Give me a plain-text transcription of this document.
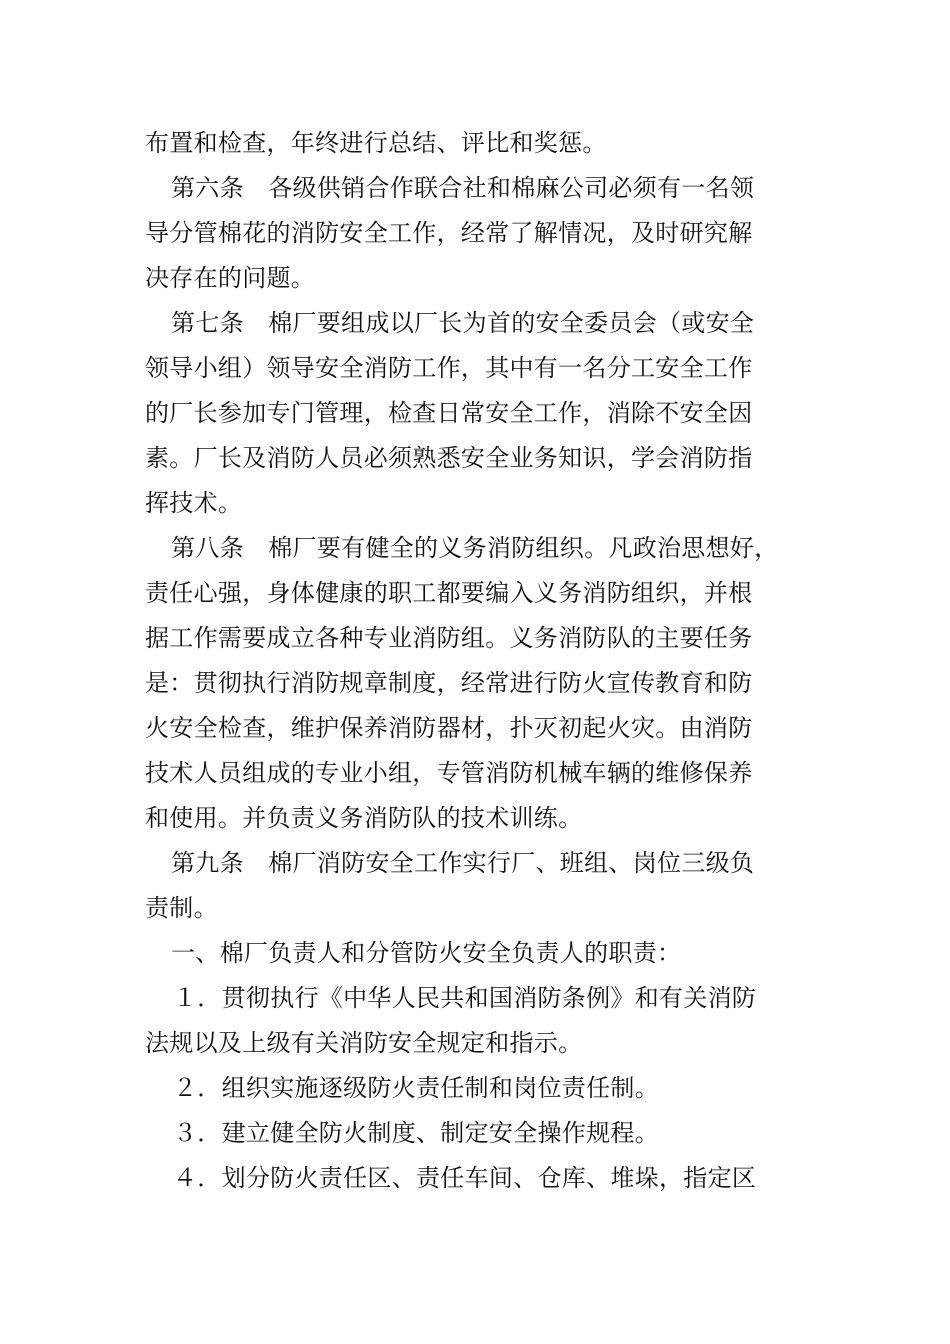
布置和检查，年终进行总结、评比和奖惩。
第六条　各级供销合作联合社和棉麻公司必须有一名领
导分管棉花的消防安全工作，经常了解情况，及时研究解
决存在的问题。
第七条　棉厂要组成以厂长为首的安全委员会（或安全
领导小组）领导安全消防工作，其中有一名分工安全工作
的厂长参加专门管理，检查日常安全工作，消除不安全因
素。厂长及消防人员必须熟悉安全业务知识，学会消防指
挥技术。
第八条　棉厂要有健全的义务消防组织。凡政治思想好，
责任心强，身体健康的职工都要编入义务消防组织，并根
据工作需要成立各种专业消防组。义务消防队的主要任务
是：贯彻执行消防规章制度，经常进行防火宣传教育和防
火安全检查，维护保养消防器材，扑灭初起火灾。由消防
技术人员组成的专业小组，专管消防机械车辆的维修保养
和使用。并负责义务消防队的技术训练。
第九条　棉厂消防安全工作实行厂、班组、岗位三级负
责制。
一、棉厂负责人和分管防火安全负责人的职责：
１．贯彻执行《中华人民共和国消防条例》和有关消防
法规以及上级有关消防安全规定和指示。
２．组织实施逐级防火责任制和岗位责任制。
３．建立健全防火制度、制定安全操作规程。
４．划分防火责任区、责任车间、仓库、堆垛，指定区
